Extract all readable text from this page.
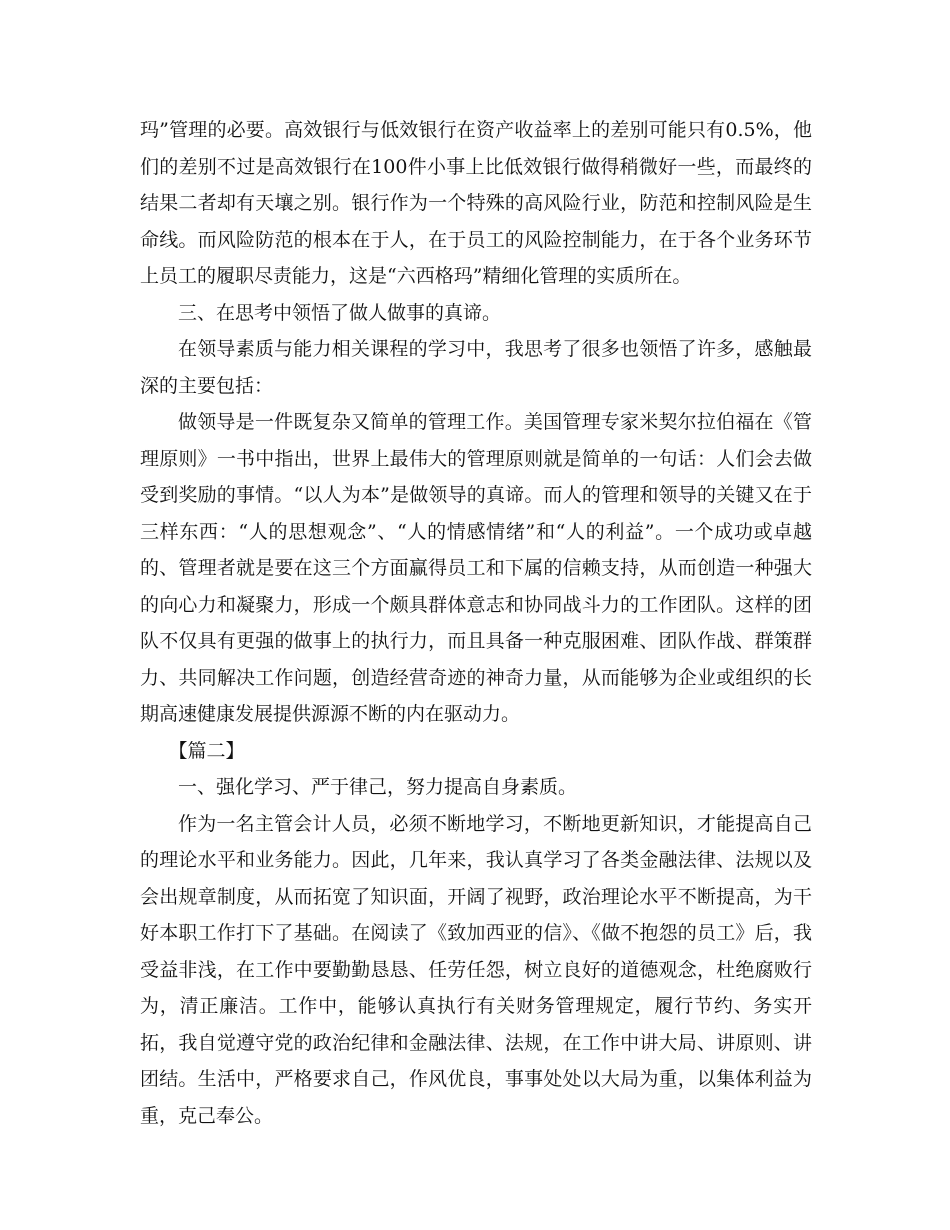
玛”管理的必要。高效银行与低效银行在资产收益率上的差别可能只有0.5%，他们的差别不过是高效银行在100件小事上比低效银行做得稍微好一些，而最终的结果二者却有天壤之别。银行作为一个特殊的高风险行业，防范和控制风险是生命线。而风险防范的根本在于人，在于员工的风险控制能力，在于各个业务环节上员工的履职尽责能力，这是“六西格玛”精细化管理的实质所在。

三、在思考中领悟了做人做事的真谛。

在领导素质与能力相关课程的学习中，我思考了很多也领悟了许多，感触最深的主要包括：

做领导是一件既复杂又简单的管理工作。美国管理专家米契尔拉伯福在《管理原则》一书中指出，世界上最伟大的管理原则就是简单的一句话：人们会去做受到奖励的事情。“以人为本”是做领导的真谛。而人的管理和领导的关键又在于三样东西：“人的思想观念”、“人的情感情绪”和“人的利益”。一个成功或卓越的、管理者就是要在这三个方面赢得员工和下属的信赖支持，从而创造一种强大的向心力和凝聚力，形成一个颇具群体意志和协同战斗力的工作团队。这样的团队不仅具有更强的做事上的执行力，而且具备一种克服困难、团队作战、群策群力、共同解决工作问题，创造经营奇迹的神奇力量，从而能够为企业或组织的长期高速健康发展提供源源不断的内在驱动力。

【篇二】

一、强化学习、严于律己，努力提高自身素质。

作为一名主管会计人员，必须不断地学习，不断地更新知识，才能提高自己的理论水平和业务能力。因此，几年来，我认真学习了各类金融法律、法规以及会出规章制度，从而拓宽了知识面，开阔了视野，政治理论水平不断提高，为干好本职工作打下了基础。在阅读了《致加西亚的信》、《做不抱怨的员工》后，我受益非浅，在工作中要勤勤恳恳、任劳任怨，树立良好的道德观念，杜绝腐败行为，清正廉洁。工作中，能够认真执行有关财务管理规定，履行节约、务实开拓，我自觉遵守党的政治纪律和金融法律、法规，在工作中讲大局、讲原则、讲团结。生活中，严格要求自己，作风优良，事事处处以大局为重，以集体利益为重，克己奉公。
